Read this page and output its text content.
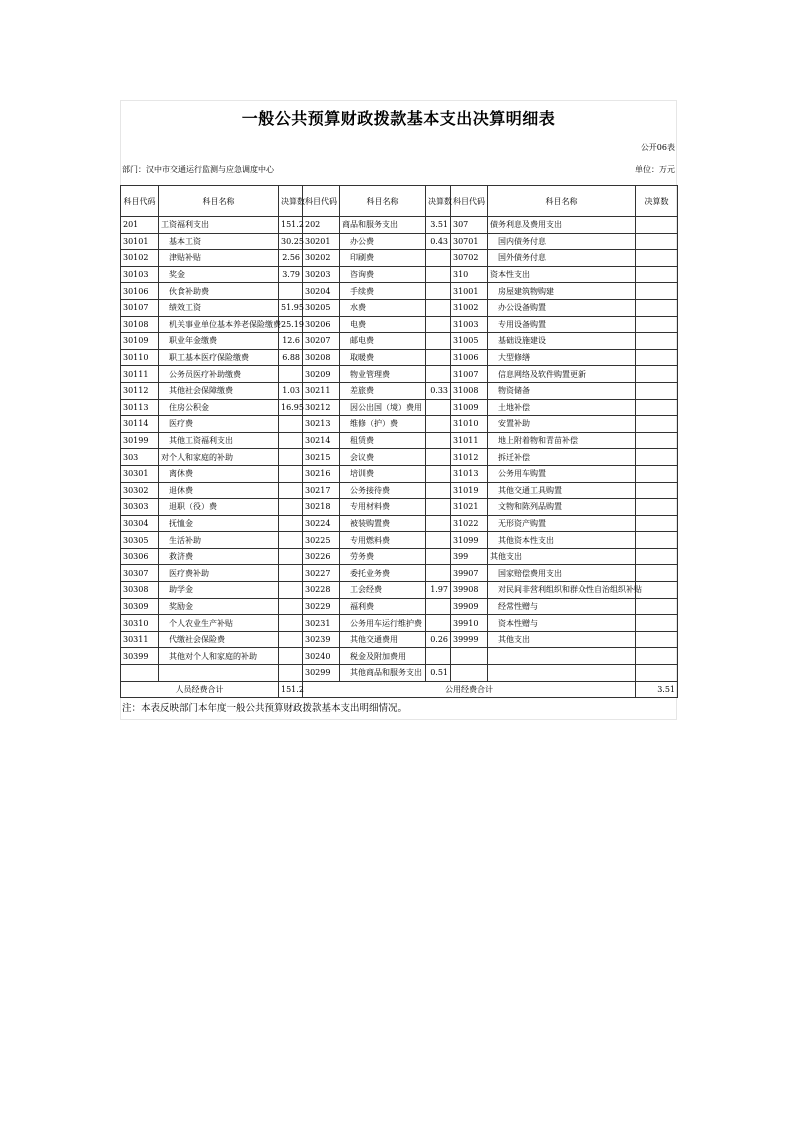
一般公共预算财政拨款基本支出决算明细表
公开06表
部门：汉中市交通运行监测与应急调度中心	单位：万元
科目代码	科目名称	决算数	科目代码	科目名称	决算数	科目代码	科目名称	决算数
201	工资福利支出	151.2	202	商品和服务支出	3.51	307	债务利息及费用支出	
30101	基本工资	30.25	30201	办公费	0.43	30701	国内债务付息	
30102	津贴补贴	2.56	30202	印刷费		30702	国外债务付息	
30103	奖金	3.79	30203	咨询费		310	资本性支出	
30106	伙食补助费		30204	手续费		31001	房屋建筑物购建	
30107	绩效工资	51.95	30205	水费		31002	办公设备购置	
30108	机关事业单位基本养老保险缴费	25.19	30206	电费		31003	专用设备购置	
30109	职业年金缴费	12.6	30207	邮电费		31005	基础设施建设	
30110	职工基本医疗保险缴费	6.88	30208	取暖费		31006	大型修缮	
30111	公务员医疗补助缴费		30209	物业管理费		31007	信息网络及软件购置更新	
30112	其他社会保障缴费	1.03	30211	差旅费	0.33	31008	物资储备	
30113	住房公积金	16.95	30212	因公出国（境）费用		31009	土地补偿	
30114	医疗费		30213	维修（护）费		31010	安置补助	
30199	其他工资福利支出		30214	租赁费		31011	地上附着物和青苗补偿	
303	对个人和家庭的补助		30215	会议费		31012	拆迁补偿	
30301	离休费		30216	培训费		31013	公务用车购置	
30302	退休费		30217	公务接待费		31019	其他交通工具购置	
30303	退职（役）费		30218	专用材料费		31021	文物和陈列品购置	
30304	抚恤金		30224	被装购置费		31022	无形资产购置	
30305	生活补助		30225	专用燃料费		31099	其他资本性支出	
30306	救济费		30226	劳务费		399	其他支出	
30307	医疗费补助		30227	委托业务费		39907	国家赔偿费用支出	
30308	助学金		30228	工会经费	1.97	39908	对民间非营利组织和群众性自治组织补贴	
30309	奖励金		30229	福利费		39909	经常性赠与	
30310	个人农业生产补贴		30231	公务用车运行维护费		39910	资本性赠与	
30311	代缴社会保险费		30239	其他交通费用	0.26	39999	其他支出	
30399	其他对个人和家庭的补助		30240	税金及附加费用				
			30299	其他商品和服务支出	0.51			
人员经费合计		151.2	公用经费合计					3.51
注：本表反映部门本年度一般公共预算财政拨款基本支出明细情况。
